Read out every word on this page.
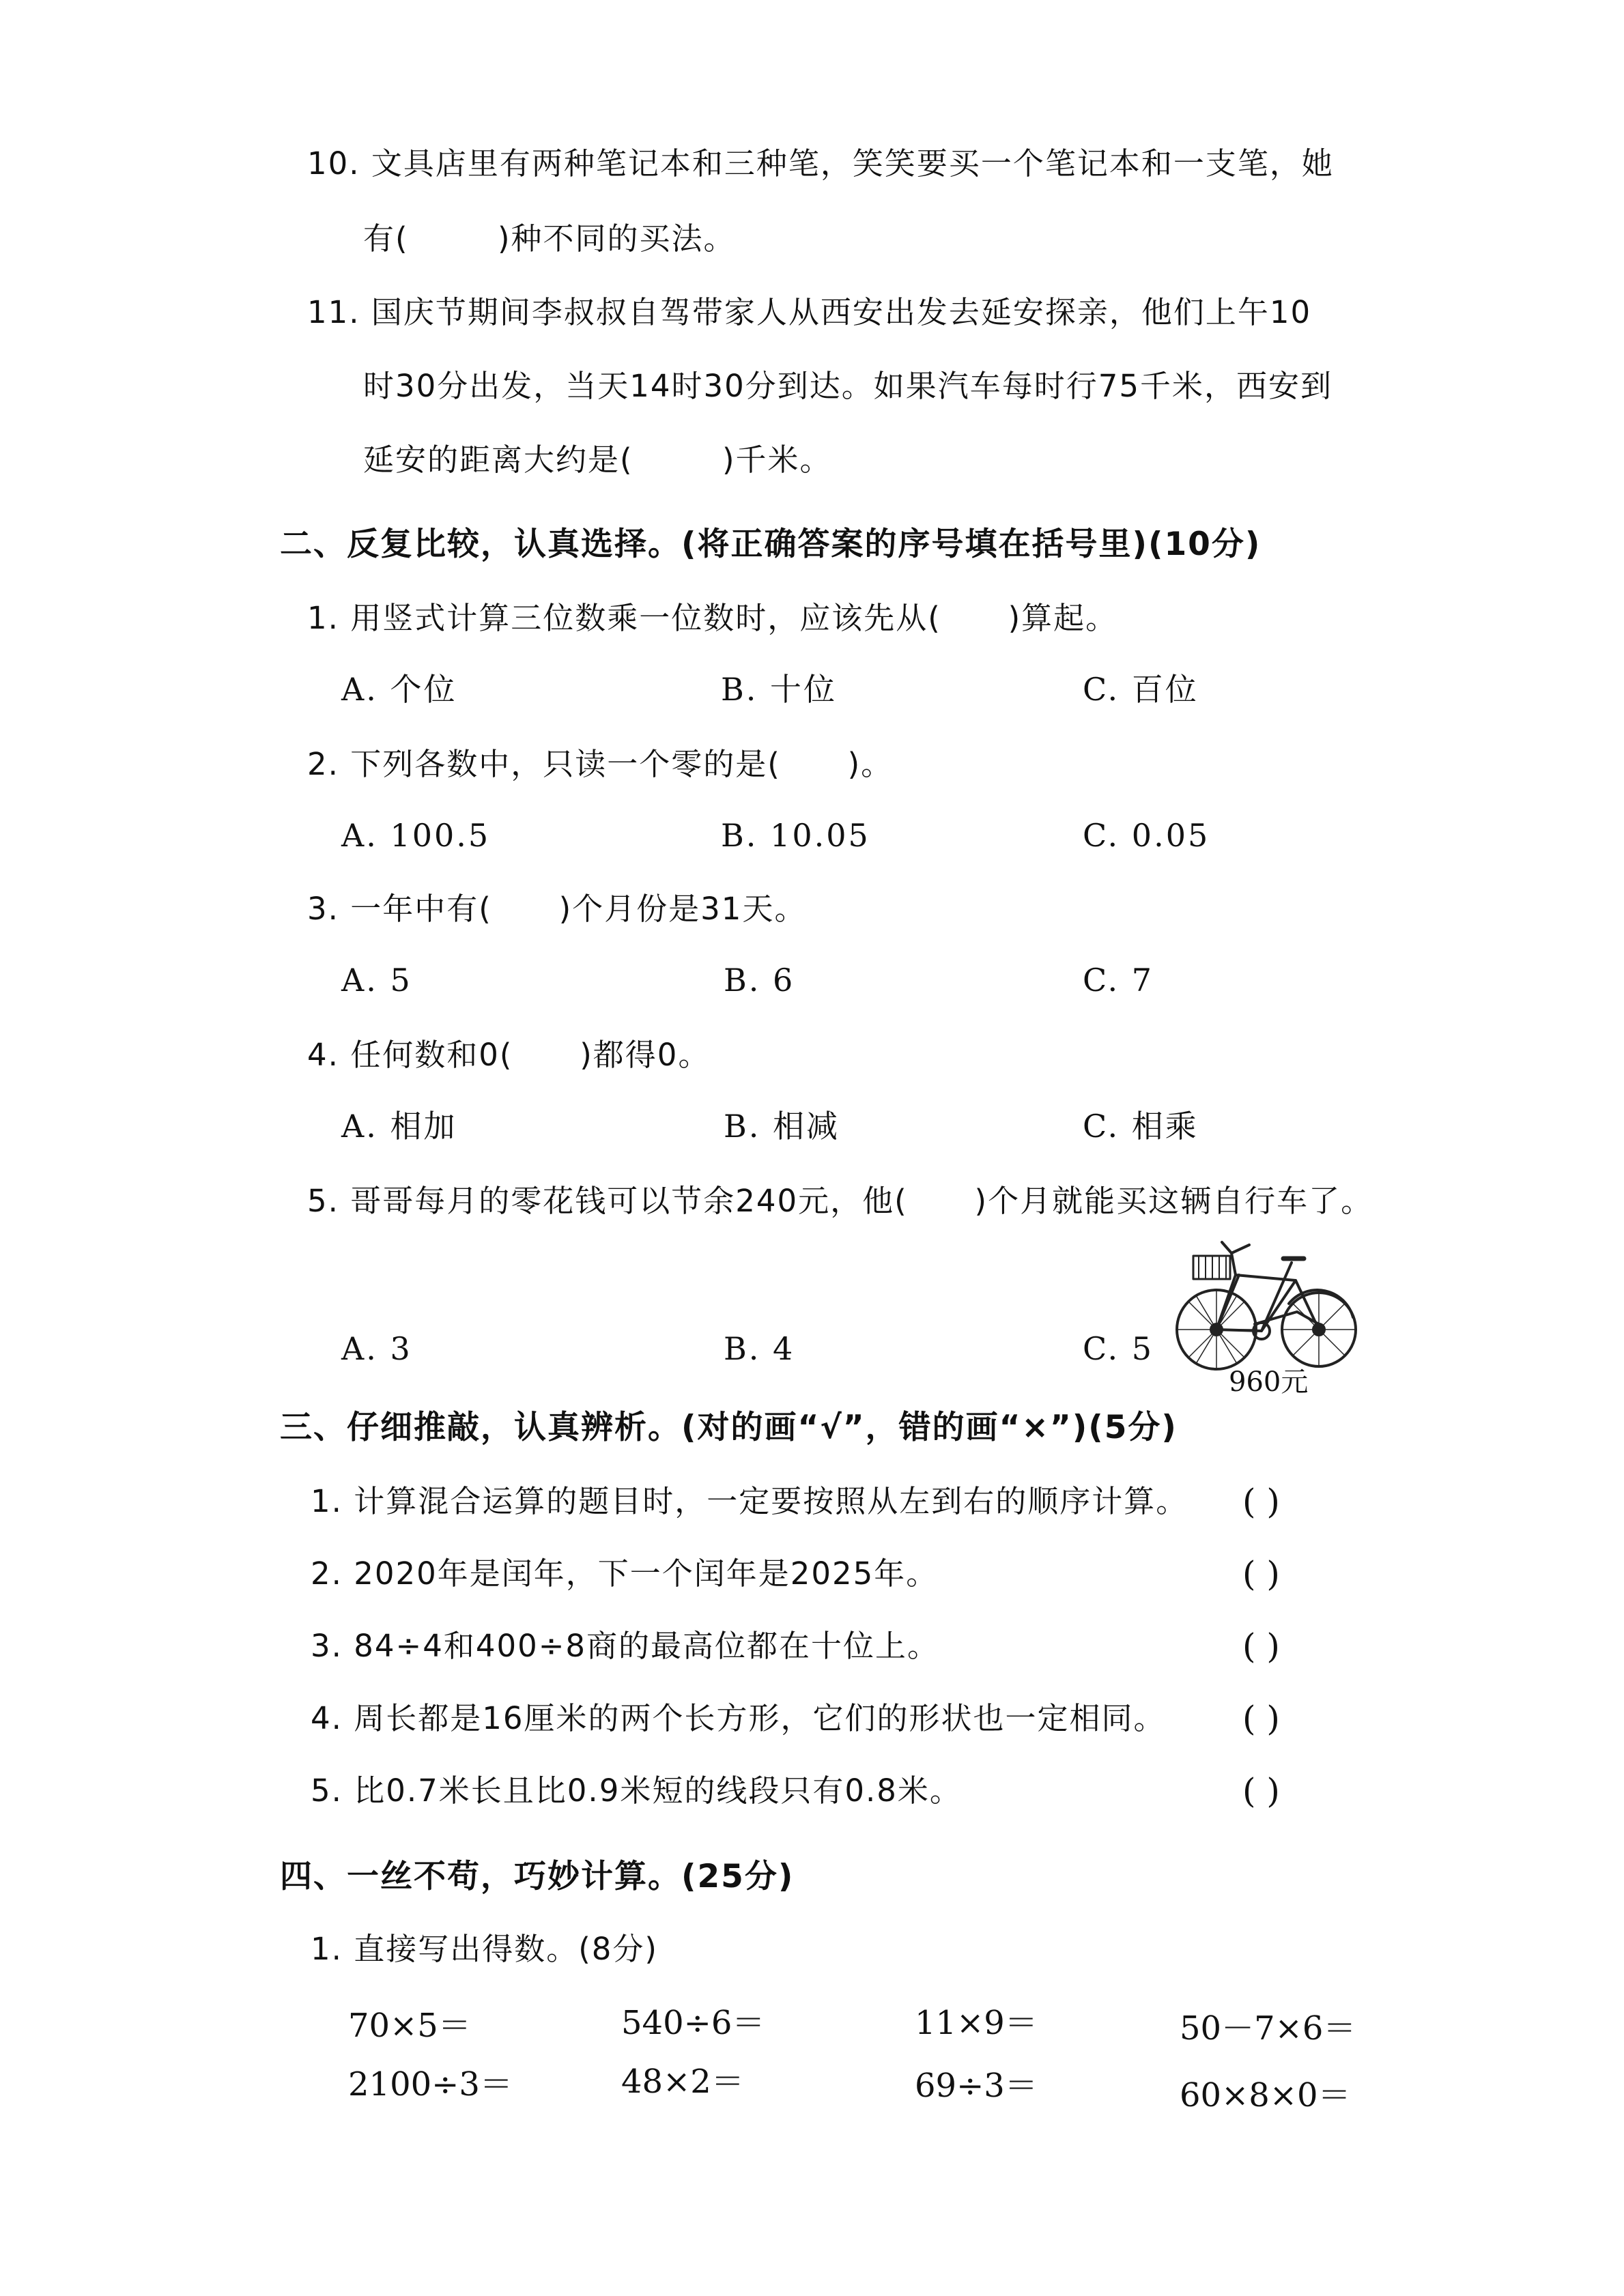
10. 文具店里有两种笔记本和三种笔，笑笑要买一个笔记本和一支笔，她
有(        )种不同的买法。
11. 国庆节期间李叔叔自驾带家人从西安出发去延安探亲，他们上午10
时30分出发，当天14时30分到达。如果汽车每时行75千米，西安到
延安的距离大约是(        )千米。
二、反复比较，认真选择。(将正确答案的序号填在括号里)(10分)
1. 用竖式计算三位数乘一位数时，应该先从(      )算起。
A. 个位	B. 十位	C. 百位
2. 下列各数中，只读一个零的是(      )。
A. 100.5	B. 10.05	C. 0.05
3. 一年中有(      )个月份是31天。
A. 5	B. 6	C. 7
4. 任何数和0(      )都得0。
A. 相加	B. 相减	C. 相乘
5. 哥哥每月的零花钱可以节余240元，他(      )个月就能买这辆自行车了。
A. 3	B. 4	C. 5
960元
三、仔细推敲，认真辨析。(对的画“√”，错的画“×”)(5分)
1. 计算混合运算的题目时，一定要按照从左到右的顺序计算。 ( )
2. 2020年是闰年，下一个闰年是2025年。	( )
3. 84÷4和400÷8商的最高位都在十位上。	( )
4. 周长都是16厘米的两个长方形，它们的形状也一定相同。 ( )
5. 比0.7米长且比0.9米短的线段只有0.8米。	( )
四、一丝不苟，巧妙计算。(25分)
1. 直接写出得数。(8分)
70×5＝	540÷6＝	11×9＝	50－7×6＝
2100÷3＝	48×2＝	69÷3＝	60×8×0＝
